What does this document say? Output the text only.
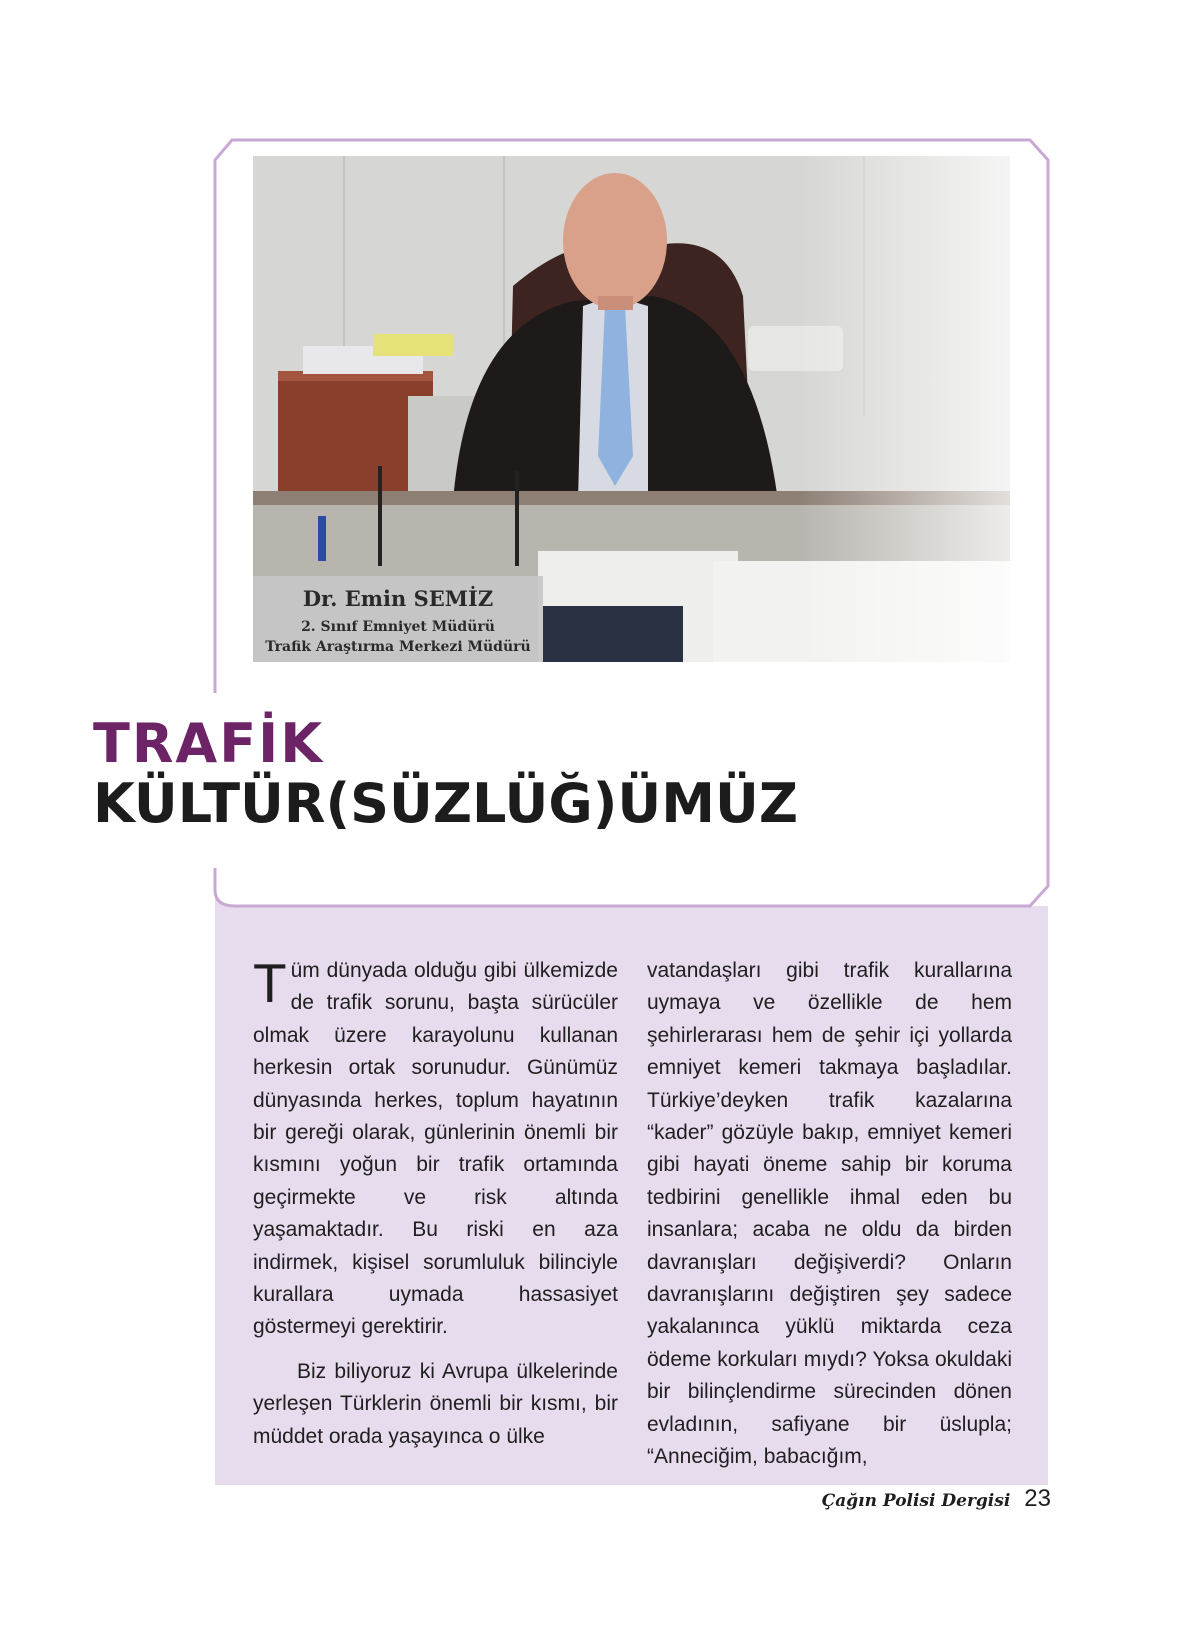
Dr. Emin SEMİZ
2. Sınıf Emniyet Müdürü
Trafik Araştırma Merkezi Müdürü
TRAFİK
KÜLTÜR(SÜZLÜĞ)ÜMÜZ

Tüm dünyada olduğu gibi ülkemizde de trafik sorunu, başta sürücüler olmak üzere karayolunu kullanan herkesin ortak sorunudur. Günümüz dünyasında herkes, toplum hayatının bir gereği olarak, günlerinin önemli bir kısmını yoğun bir trafik ortamında geçirmekte ve risk altında yaşamaktadır. Bu riski en aza indirmek, kişisel sorumluluk bilinciyle kurallara uymada hassasiyet göstermeyi gerektirir.

Biz biliyoruz ki Avrupa ülkelerinde yerleşen Türklerin önemli bir kısmı, bir müddet orada yaşayınca o ülke

vatandaşları gibi trafik kurallarına uymaya ve özellikle de hem şehirlerarası hem de şehir içi yollarda emniyet kemeri takmaya başladılar. Türkiye’deyken trafik kazalarına “kader” gözüyle bakıp, emniyet kemeri gibi hayati öneme sahip bir koruma tedbirini genellikle ihmal eden bu insanlara; acaba ne oldu da birden davranışları değişiverdi? Onların davranışlarını değiştiren şey sadece yakalanınca yüklü miktarda ceza ödeme korkuları mıydı? Yoksa okuldaki bir bilinçlendirme sürecinden dönen evladının, safiyane bir üslupla; “Anneciğim, babacığım,

Çağın Polisi Dergisi 23
